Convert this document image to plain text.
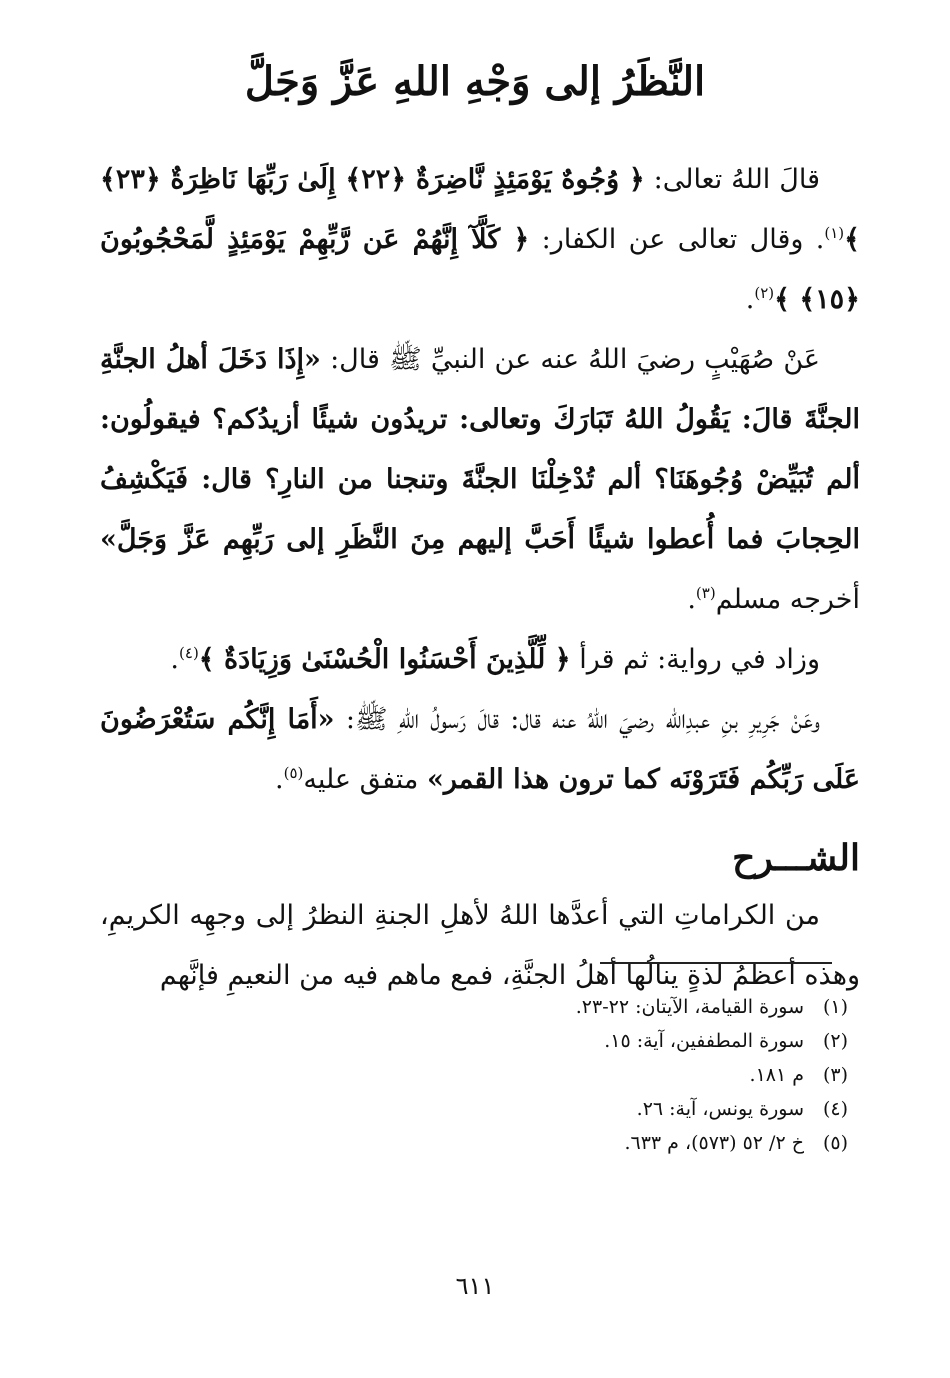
النَّظَرُ إلى وَجْهِ اللهِ عَزَّ وَجَلَّ

قالَ اللهُ تعالى: ﴿ وُجُوهٌ يَوْمَئِذٍ نَّاضِرَةٌ ﴿٢٢﴾ إِلَىٰ رَبِّهَا نَاظِرَةٌ ﴿٢٣﴾ ﴾$^{(١)}$. وقال تعالى عن الكفار: ﴿ كَلَّآ إِنَّهُمْ عَن رَّبِّهِمْ يَوْمَئِذٍ لَّمَحْجُوبُونَ ﴿١٥﴾ ﴾$^{(٢)}$.

عَنْ صُهَيْبٍ رضيَ اللهُ عنه عن النبيِّ ﷺ قال: «إِذَا دَخَلَ أهلُ الجنَّةِ الجنَّةَ قالَ: يَقُولُ اللهُ تَبَارَكَ وتعالى: تريدُون شيئًا أزيدُكم؟ فيقولُون: ألم تُبَيِّضْ وُجُوهَنَا؟ ألم تُدْخِلْنَا الجنَّةَ وتنجنا من النارِ؟ قال: فَيَكْشِفُ الحِجابَ فما أُعطوا شيئًا أَحَبَّ إليهم مِنَ النَّظَرِ إلى رَبِّهِم عَزَّ وَجَلَّ» أخرجه مسلم$^{(٣)}$.

وزاد في رواية: ثم قرأ ﴿ لِّلَّذِينَ أَحْسَنُوا الْحُسْنَىٰ وَزِيَادَةٌ ﴾$^{(٤)}$.

وعَنْ جَرِيرِ بنِ عبدِالله رضيَ اللهُ عنه قال: قالَ رَسولُ اللهِ ﷺ: «أَمَا إِنَّكُم سَتُعْرَضُونَ عَلَى رَبِّكُم فَتَرَوْنَه كما ترون هذا القمر» متفق عليه$^{(٥)}$.

الشـــرح

من الكراماتِ التي أعدَّها اللهُ لأهلِ الجنةِ النظرُ إلى وجهِه الكريمِ، وهذه أعظمُ لذةٍ ينالُها أهلُ الجنَّةِ، فمع ماهم فيه من النعيمِ فإنَّهم

(١)سورة القيامة، الآيتان: ٢٢-٢٣.
(٢)سورة المطففين، آية: ١٥.
(٣)م ١٨١.
(٤)سورة يونس، آية: ٢٦.
(٥)خ ٢/ ٥٢ (٥٧٣)، م ٦٣٣.
٦١١
